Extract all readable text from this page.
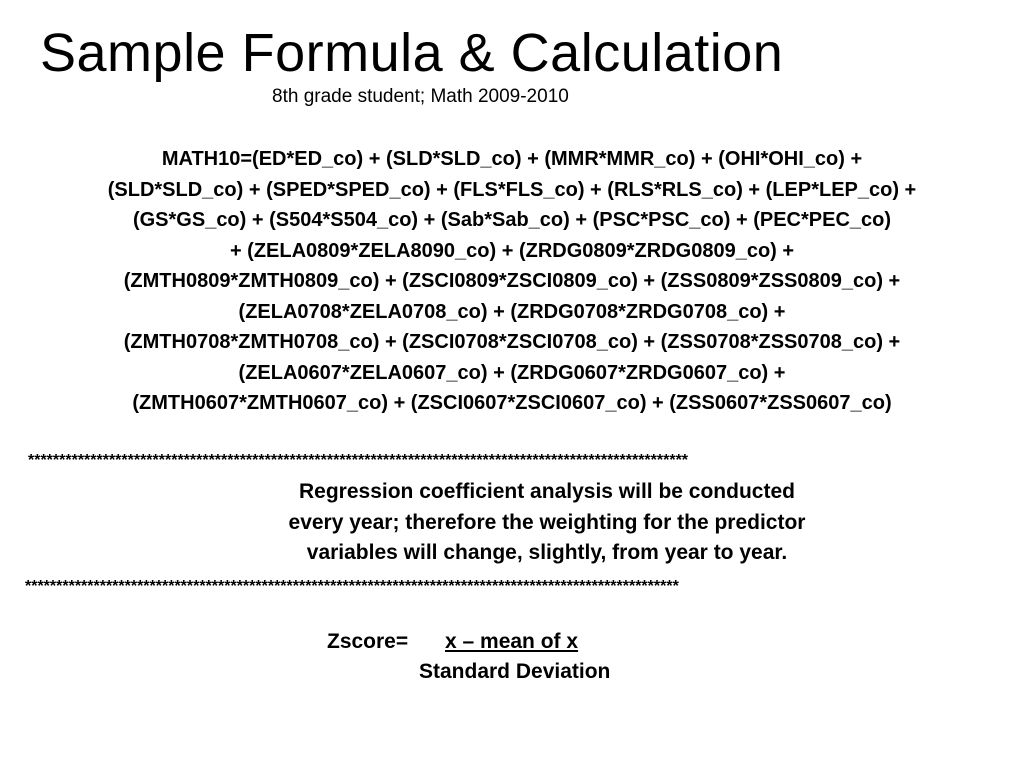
Sample Formula & Calculation
8th grade student; Math 2009-2010
MATH10=(ED*ED_co) + (SLD*SLD_co) + (MMR*MMR_co) + (OHI*OHI_co) +
(SLD*SLD_co) + (SPED*SPED_co) + (FLS*FLS_co) + (RLS*RLS_co) + (LEP*LEP_co) +
(GS*GS_co) + (S504*S504_co) + (Sab*Sab_co) + (PSC*PSC_co) + (PEC*PEC_co)
+ (ZELA0809*ZELA8090_co) + (ZRDG0809*ZRDG0809_co) +
(ZMTH0809*ZMTH0809_co) + (ZSCI0809*ZSCI0809_co) + (ZSS0809*ZSS0809_co) +
(ZELA0708*ZELA0708_co) + (ZRDG0708*ZRDG0708_co) +
(ZMTH0708*ZMTH0708_co) + (ZSCI0708*ZSCI0708_co) + (ZSS0708*ZSS0708_co) +
(ZELA0607*ZELA0607_co) + (ZRDG0607*ZRDG0607_co) +
(ZMTH0607*ZMTH0607_co) + (ZSCI0607*ZSCI0607_co) + (ZSS0607*ZSS0607_co)
**********************************************************************************************************
Regression coefficient analysis will be conducted
every year; therefore the weighting for the predictor
variables will change, slightly, from year to year.
*********************************************************************************************************
Zscore= x – mean of x
Standard Deviation
